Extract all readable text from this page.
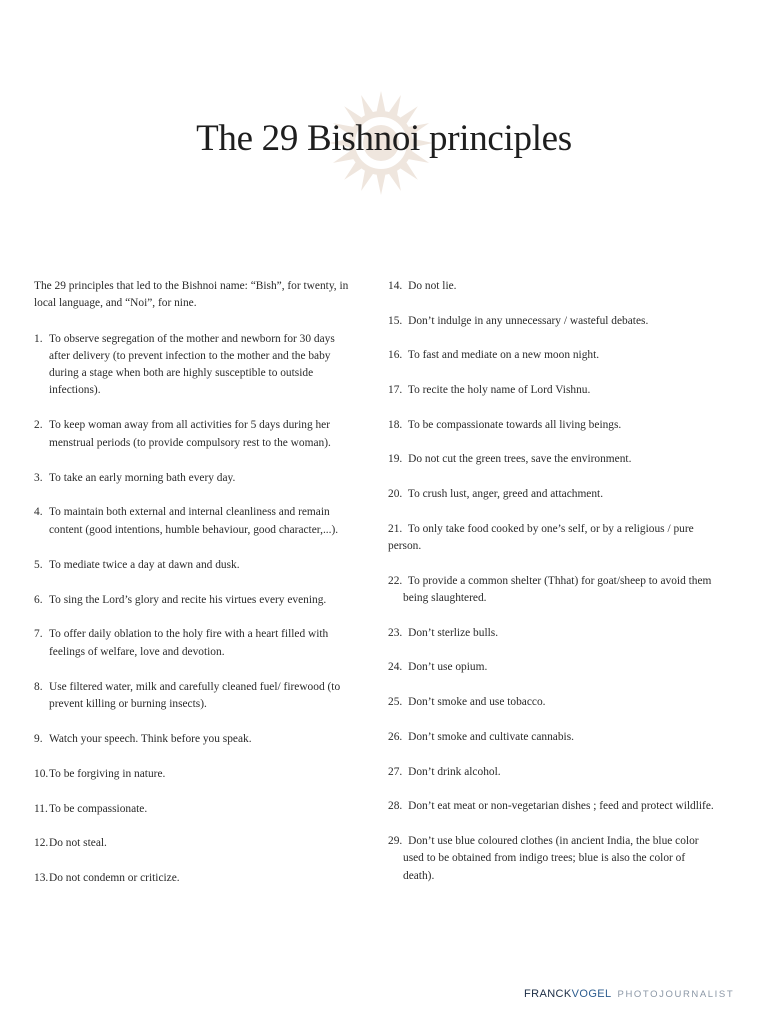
The 29 Bishnoi principles

The 29 principles that led to the Bishnoi name: “Bish”, for twenty, in local language, and “Noi”, for nine.

1. To observe segregation of the mother and newborn for 30 days after delivery (to prevent infection to the mother and the baby during a stage when both are highly susceptible to outside infections).
2. To keep woman away from all activities for 5 days during her menstrual periods (to provide compulsory rest to the woman).
3. To take an early morning bath every day.
4. To maintain both external and internal cleanliness and remain content (good intentions, humble behaviour, good character,...).
5. To mediate twice a day at dawn and dusk.
6. To sing the Lord’s glory and recite his virtues every evening.
7. To offer daily oblation to the holy fire with a heart filled with feelings of welfare, love and devotion.
8. Use filtered water, milk and carefully cleaned fuel/ firewood (to prevent killing or burning insects).
9. Watch your speech. Think before you speak.
10. To be forgiving in nature.
11. To be compassionate.
12. Do not steal.
13. Do not condemn or criticize.
14. Do not lie.
15. Don’t indulge in any unnecessary / wasteful debates.
16. To fast and mediate on a new moon night.
17. To recite the holy name of Lord Vishnu.
18. To be compassionate towards all living beings.
19. Do not cut the green trees, save the environment.
20. To crush lust, anger, greed and attachment.
21. To only take food cooked by one’s self, or by a religious / pure person.
22. To provide a common shelter (Thhat) for goat/sheep to avoid them being slaughtered.
23. Don’t sterlize bulls.
24. Don’t use opium.
25. Don’t smoke and use tobacco.
26. Don’t smoke and cultivate cannabis.
27. Don’t drink alcohol.
28. Don’t eat meat or non-vegetarian dishes ; feed and protect wildlife.
29. Don’t use blue coloured clothes (in ancient India, the blue color used to be obtained from indigo trees; blue is also the color of death).
FRANCKVOGEL PHOTOJOURNALIST
